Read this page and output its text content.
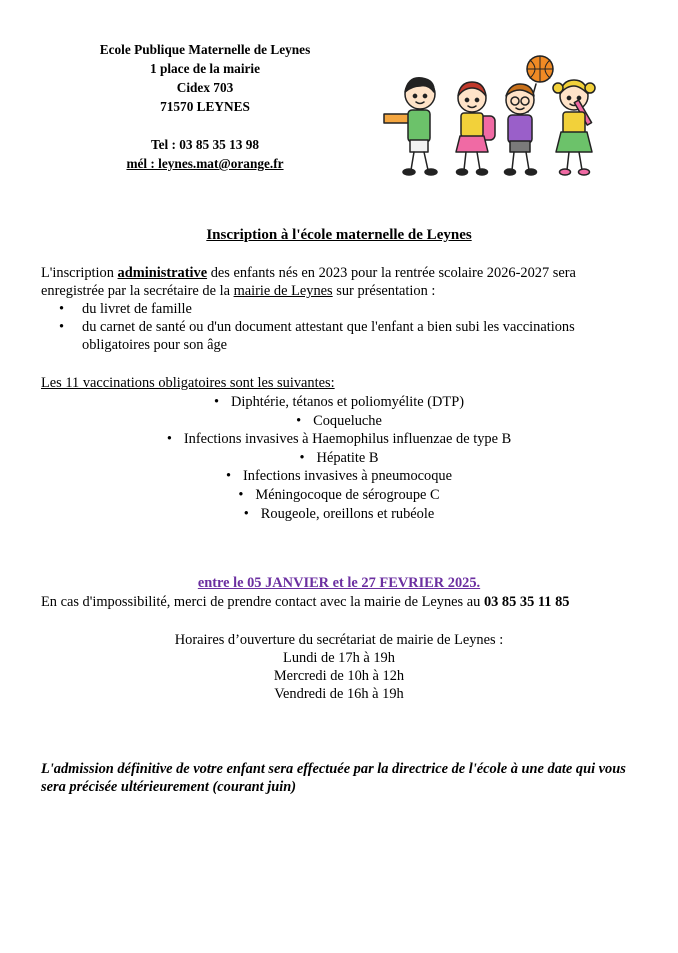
Ecole Publique Maternelle de Leynes
1 place de la mairie
Cidex 703
71570 LEYNES
Tel : 03 85 35 13 98
mél : leynes.mat@orange.fr
Inscription à l'école maternelle de Leynes
L'inscription administrative des enfants nés en 2023 pour la rentrée scolaire 2026-2027 sera enregistrée par la secrétaire de la mairie de Leynes sur présentation :
• du livret de famille
• du carnet de santé ou d'un document attestant que l'enfant a bien subi les vaccinations obligatoires pour son âge
Les 11 vaccinations obligatoires sont les suivantes:
• Diphtérie, tétanos et poliomyélite (DTP)
• Coqueluche
• Infections invasives à Haemophilus influenzae de type B
• Hépatite B
• Infections invasives à pneumocoque
• Méningocoque de sérogroupe C
• Rougeole, oreillons et rubéole
entre le 05 JANVIER et le 27 FEVRIER 2025.
En cas d'impossibilité, merci de prendre contact avec la mairie de Leynes au 03 85 35 11 85
Horaires d’ouverture du secrétariat de mairie de Leynes :
Lundi de 17h à 19h
Mercredi de 10h à 12h
Vendredi de 16h à 19h
L'admission définitive de votre enfant sera effectuée par la directrice de l'école à une date qui vous sera précisée ultérieurement (courant juin)
